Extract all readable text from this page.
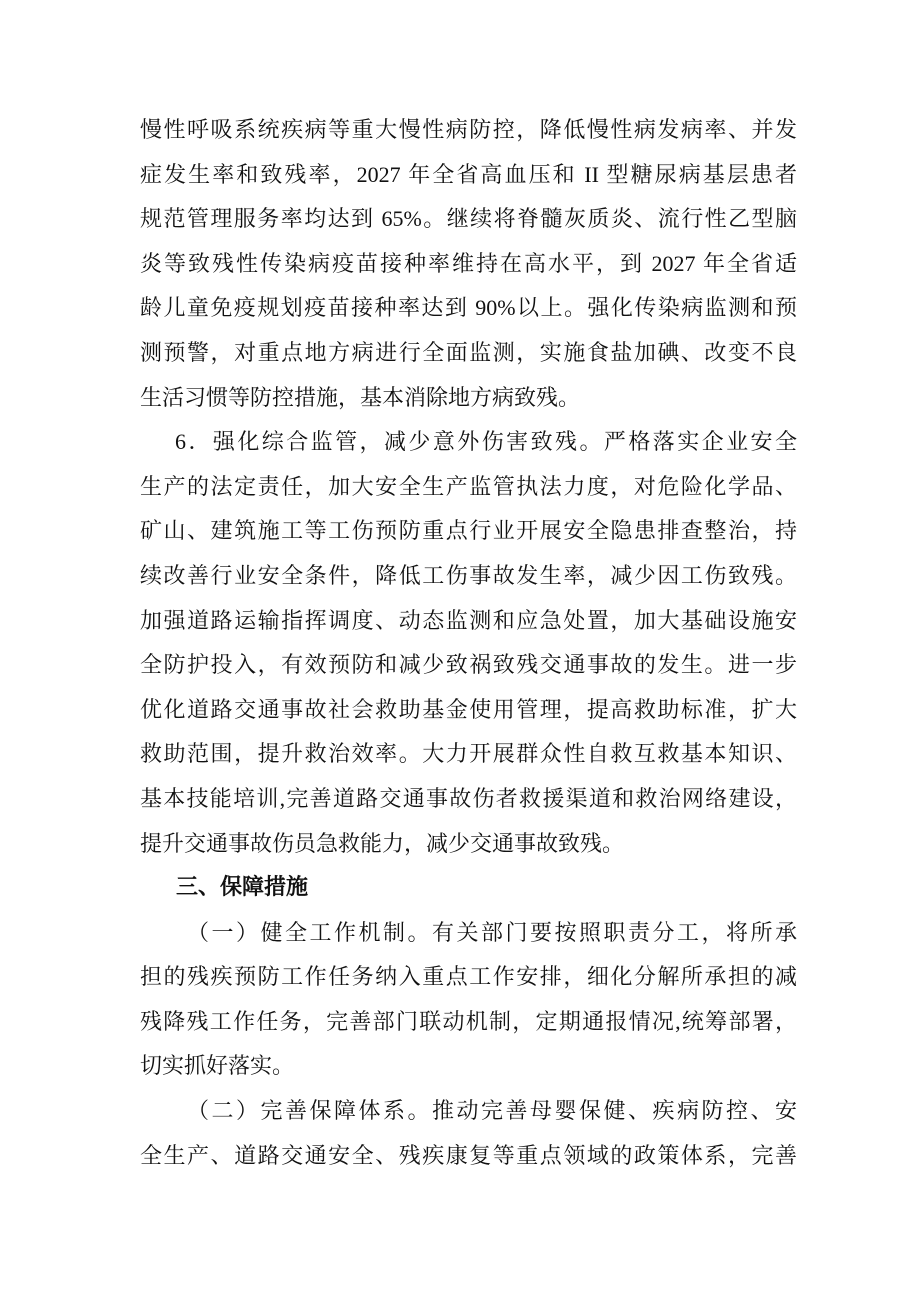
慢性呼吸系统疾病等重大慢性病防控，降低慢性病发病率、并发
症发生率和致残率，2027 年全省高血压和 II 型糖尿病基层患者
规范管理服务率均达到 65%。继续将脊髓灰质炎、流行性乙型脑
炎等致残性传染病疫苗接种率维持在高水平，到 2027 年全省适
龄儿童免疫规划疫苗接种率达到 90%以上。强化传染病监测和预
测预警，对重点地方病进行全面监测，实施食盐加碘、改变不良
生活习惯等防控措施，基本消除地方病致残。
6．强化综合监管，减少意外伤害致残。严格落实企业安全
生产的法定责任，加大安全生产监管执法力度，对危险化学品、
矿山、建筑施工等工伤预防重点行业开展安全隐患排查整治，持
续改善行业安全条件，降低工伤事故发生率，减少因工伤致残。
加强道路运输指挥调度、动态监测和应急处置，加大基础设施安
全防护投入，有效预防和减少致祸致残交通事故的发生。进一步
优化道路交通事故社会救助基金使用管理，提高救助标准，扩大
救助范围，提升救治效率。大力开展群众性自救互救基本知识、
基本技能培训,完善道路交通事故伤者救援渠道和救治网络建设，
提升交通事故伤员急救能力，减少交通事故致残。
三、保障措施
（一）健全工作机制。有关部门要按照职责分工，将所承
担的残疾预防工作任务纳入重点工作安排，细化分解所承担的减
残降残工作任务，完善部门联动机制，定期通报情况,统筹部署，
切实抓好落实。
（二）完善保障体系。推动完善母婴保健、疾病防控、安
全生产、道路交通安全、残疾康复等重点领域的政策体系，完善
